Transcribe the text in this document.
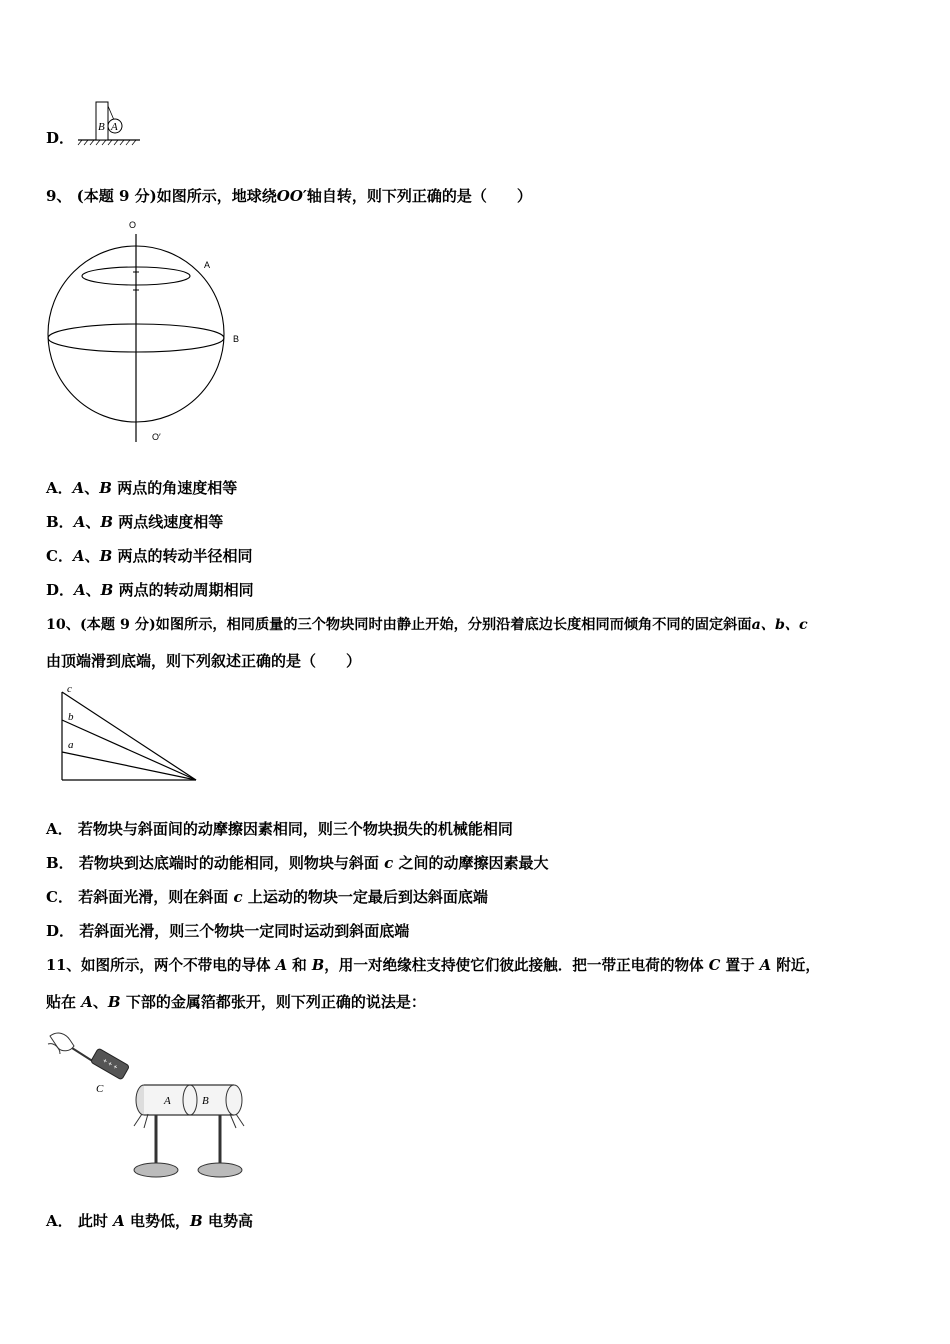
B A
D．
9、 (本题 9 分)如图所示，地球绕OO′轴自转，则下列正确的是（　　）
O
O′
A
B
A．A、B 两点的角速度相等
B．A、B 两点线速度相等
C．A、B 两点的转动半径相同
D．A、B 两点的转动周期相同
10、(本题 9 分)如图所示，相同质量的三个物块同时由静止开始，分别沿着底边长度相同而倾角不同的固定斜面a、b、c
由顶端滑到底端，则下列叙述正确的是（　　）
c
b
a
A． 若物块与斜面间的动摩擦因素相同，则三个物块损失的机械能相同
B． 若物块到达底端时的动能相同，则物块与斜面 c 之间的动摩擦因素最大
C． 若斜面光滑，则在斜面 c 上运动的物块一定最后到达斜面底端
D． 若斜面光滑，则三个物块一定同时运动到斜面底端
11、如图所示，两个不带电的导体 A 和 B，用一对绝缘柱支持使它们彼此接触．把一带正电荷的物体 C 置于 A 附近，
贴在 A、B 下部的金属箔都张开，则下列正确的说法是：
+ + +
C
A	B
A． 此时 A 电势低，B 电势高
